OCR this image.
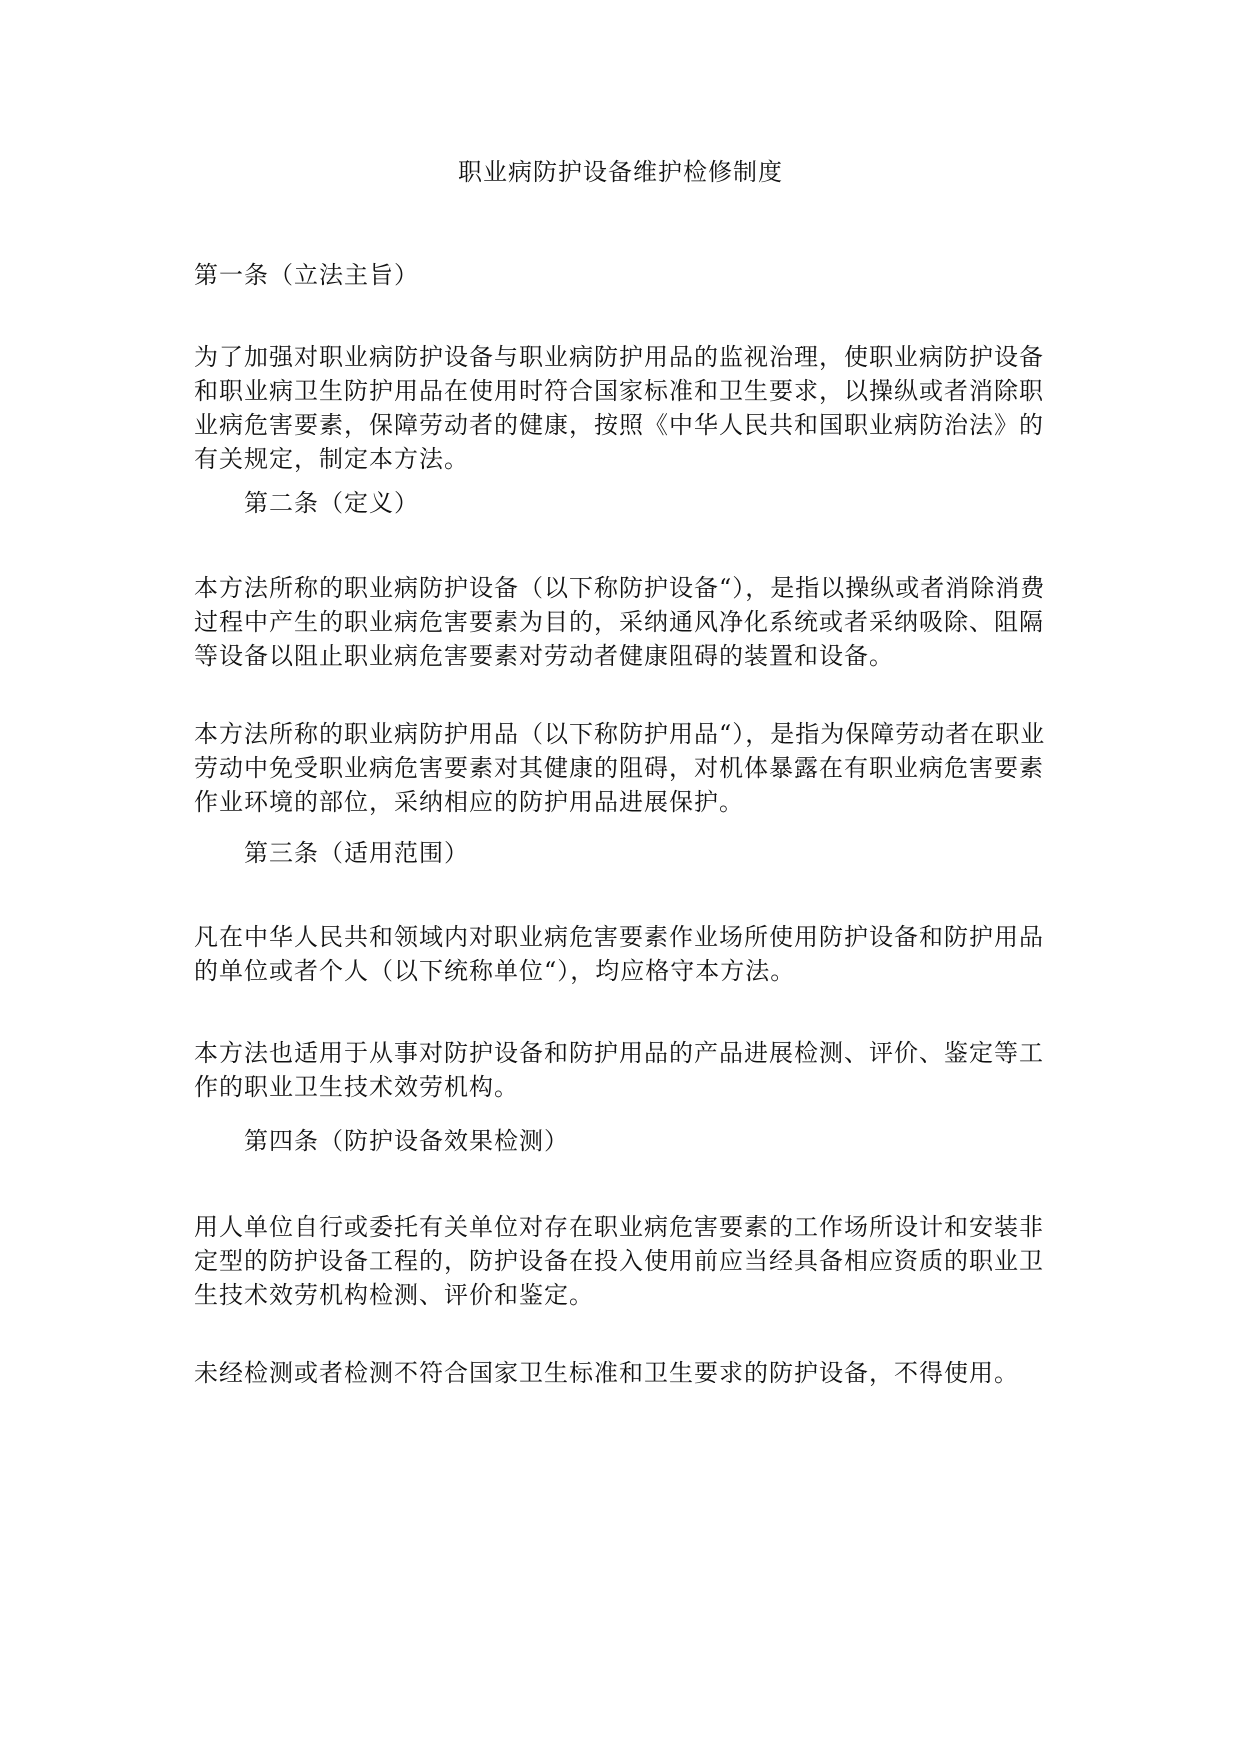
职业病防护设备维护检修制度

第一条（立法主旨）

为了加强对职业病防护设备与职业病防护用品的监视治理，使职业病防护设备和职业病卫生防护用品在使用时符合国家标准和卫生要求，以操纵或者消除职业病危害要素，保障劳动者的健康，按照《中华人民共和国职业病防治法》的有关规定，制定本方法。

第二条（定义）

本方法所称的职业病防护设备（以下称防护设备“），是指以操纵或者消除消费过程中产生的职业病危害要素为目的，采纳通风净化系统或者采纳吸除、阻隔等设备以阻止职业病危害要素对劳动者健康阻碍的装置和设备。

本方法所称的职业病防护用品（以下称防护用品“），是指为保障劳动者在职业劳动中免受职业病危害要素对其健康的阻碍，对机体暴露在有职业病危害要素作业环境的部位，采纳相应的防护用品进展保护。

第三条（适用范围）

凡在中华人民共和领域内对职业病危害要素作业场所使用防护设备和防护用品的单位或者个人（以下统称单位“），均应格守本方法。

本方法也适用于从事对防护设备和防护用品的产品进展检测、评价、鉴定等工作的职业卫生技术效劳机构。

第四条（防护设备效果检测）

用人单位自行或委托有关单位对存在职业病危害要素的工作场所设计和安装非定型的防护设备工程的，防护设备在投入使用前应当经具备相应资质的职业卫生技术效劳机构检测、评价和鉴定。

未经检测或者检测不符合国家卫生标准和卫生要求的防护设备，不得使用。
